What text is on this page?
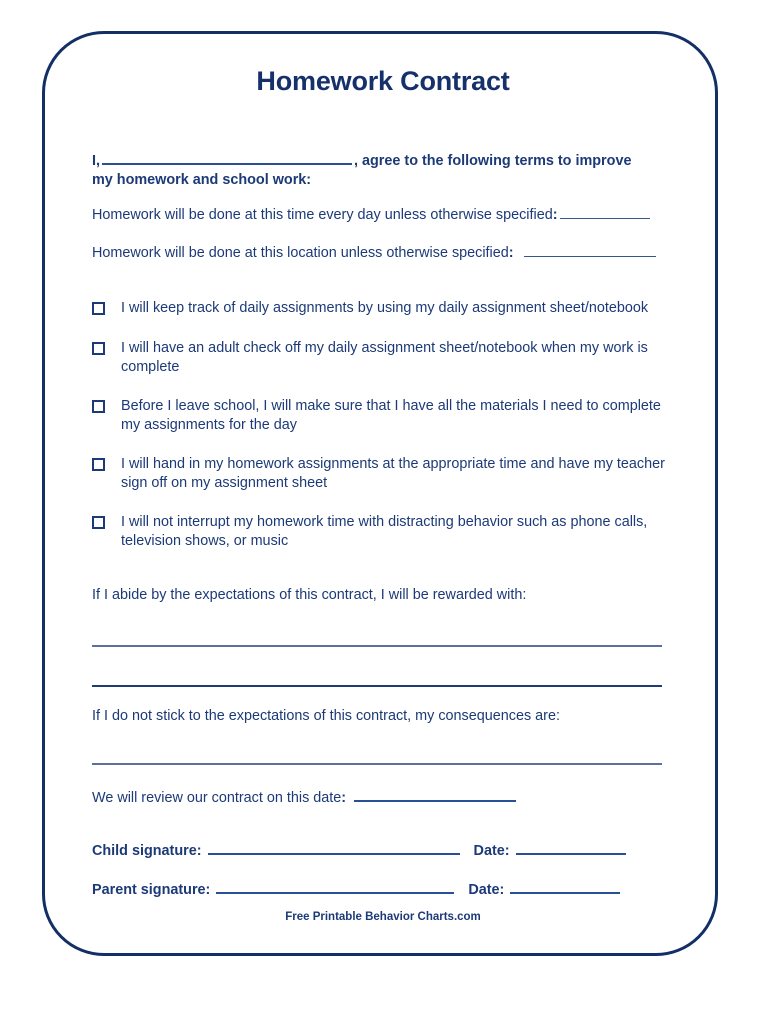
Homework Contract
I,	, agree to the following terms to improve
my homework and school work:
Homework will be done at this time every day unless otherwise specified:
Homework will be done at this location unless otherwise specified:
I will keep track of daily assignments by using my daily assignment sheet/notebook
I will have an adult check off my daily assignment sheet/notebook when my work is complete
Before I leave school, I will make sure that I have all the materials I need to complete my assignments for the day
I will hand in my homework assignments at the appropriate time and have my teacher sign off on my assignment sheet
I will not interrupt my homework time with distracting behavior such as phone calls, television shows, or music
If I abide by the expectations of this contract, I will be rewarded with:
If I do not stick to the expectations of this contract, my consequences are:
We will review our contract on this date:
Child signature:	Date:
Parent signature:	Date:
Free Printable Behavior Charts.com
